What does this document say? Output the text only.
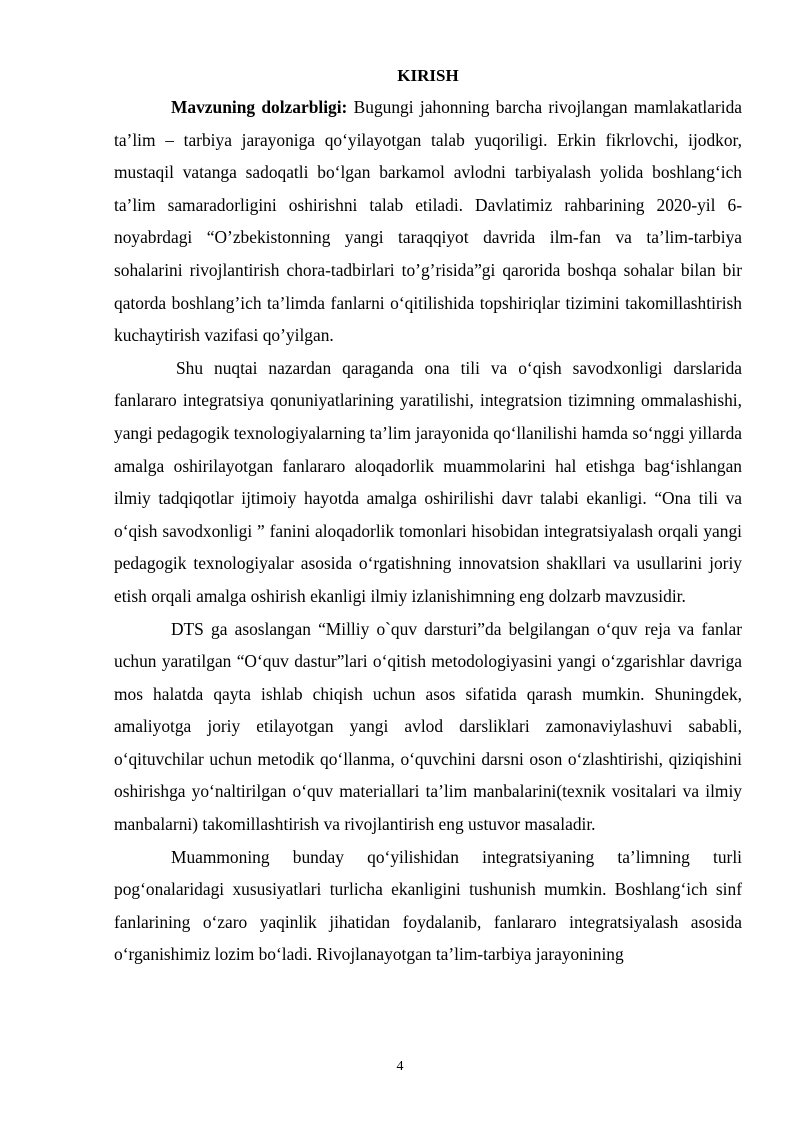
KIRISH

Mavzuning dolzarbligi: Bugungi jahonning barcha rivojlangan mamlakatlarida ta’lim – tarbiya jarayoniga qo‘yilayotgan talab yuqoriligi. Erkin fikrlovchi, ijodkor, mustaqil vatanga sadoqatli bo‘lgan barkamol avlodni tarbiyalash yolida boshlang‘ich ta’lim samaradorligini oshirishni talab etiladi. Davlatimiz rahbarining 2020-yil 6-noyabrdagi “O’zbekistonning yangi taraqqiyot davrida ilm-fan va ta’lim-tarbiya sohalarini rivojlantirish chora-tadbirlari to’g’risida”gi qarorida boshqa sohalar bilan bir qatorda boshlang’ich ta’limda fanlarni o‘qitilishida topshiriqlar tizimini takomillashtirish kuchaytirish vazifasi qo’yilgan.

Shu nuqtai nazardan qaraganda ona tili va o‘qish savodxonligi darslarida fanlararo integratsiya qonuniyatlarining yaratilishi, integratsion tizimning ommalashishi, yangi pedagogik texnologiyalarning ta’lim jarayonida qo‘llanilishi hamda so‘nggi yillarda amalga oshirilayotgan fanlararo aloqadorlik muammolarini hal etishga bag‘ishlangan ilmiy tadqiqotlar ijtimoiy hayotda amalga oshirilishi davr talabi ekanligi. “Ona tili va o‘qish savodxonligi ” fanini aloqadorlik tomonlari hisobidan integratsiyalash orqali yangi pedagogik texnologiyalar asosida o‘rgatishning innovatsion shakllari va usullarini joriy etish orqali amalga oshirish ekanligi ilmiy izlanishimning eng dolzarb mavzusidir.

DTS ga asoslangan “Milliy o`quv darsturi”da belgilangan o‘quv reja va fanlar uchun yaratilgan “O‘quv dastur”lari o‘qitish metodologiyasini yangi o‘zgarishlar davriga mos halatda qayta ishlab chiqish uchun asos sifatida qarash mumkin. Shuningdek, amaliyotga joriy etilayotgan yangi avlod darsliklari zamonaviylashuvi sababli, o‘qituvchilar uchun metodik qo‘llanma, o‘quvchini darsni oson o‘zlashtirishi, qiziqishini oshirishga yo‘naltirilgan o‘quv materiallari ta’lim manbalarini(texnik vositalari va ilmiy manbalarni) takomillashtirish va rivojlantirish eng ustuvor masaladir.

Muammoning bunday qo‘yilishidan integratsiyaning ta’limning turli pog‘onalaridagi xususiyatlari turlicha ekanligini tushunish mumkin. Boshlang‘ich sinf fanlarining o‘zaro yaqinlik jihatidan foydalanib, fanlararo integratsiyalash asosida o‘rganishimiz lozim bo‘ladi. Rivojlanayotgan ta’lim-tarbiya jarayonining

4
